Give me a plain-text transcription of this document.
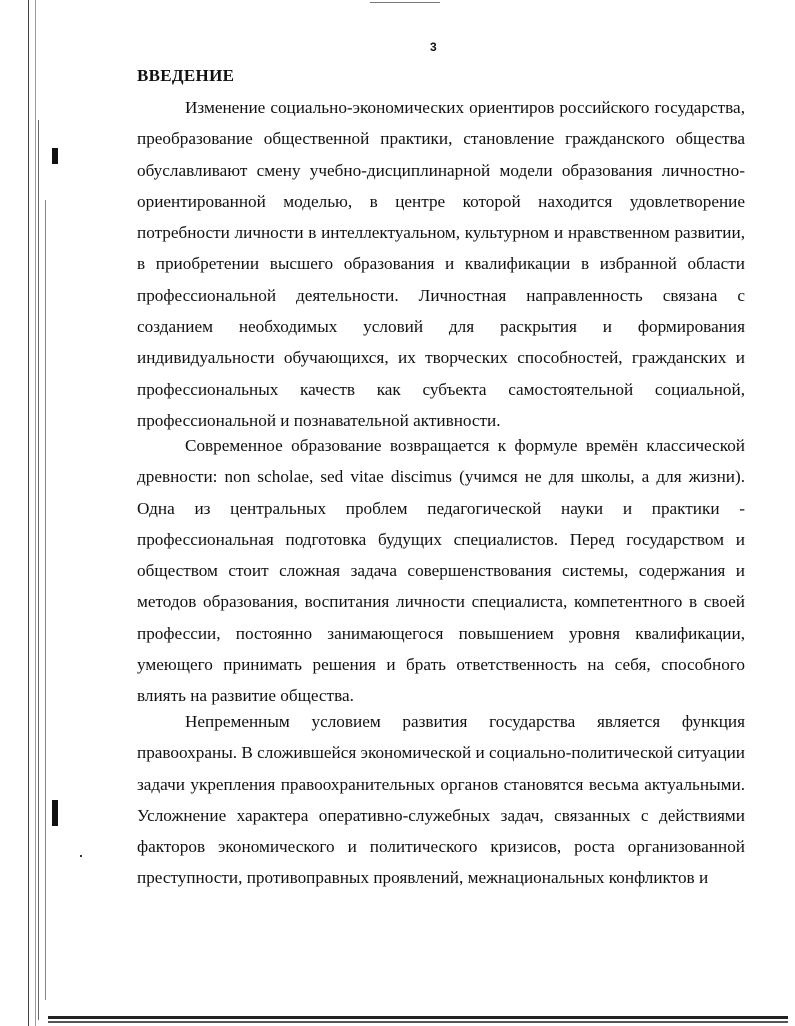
3
ВВЕДЕНИЕ

Изменение социально-экономических ориентиров российского государства, преобразование общественной практики, становление гражданского общества обуславливают смену учебно-дисциплинарной модели образования личностно-ориентированной моделью, в центре которой находится удовлетворение потребности личности в интеллектуальном, культурном и нравственном развитии, в приобретении высшего образования и квалификации в избранной области профессиональной деятельности. Личностная направленность связана с созданием необходимых условий для раскрытия и формирования индивидуальности обучающихся, их творческих способностей, гражданских и профессиональных качеств как субъекта самостоятельной социальной, профессиональной и познавательной активности.

Современное образование возвращается к формуле времён классической древности: non scholae, sed vitae discimus (учимся не для школы, а для жизни). Одна из центральных проблем педагогической науки и практики - профессиональная подготовка будущих специалистов. Перед государством и обществом стоит сложная задача совершенствования системы, содержания и методов образования, воспитания личности специалиста, компетентного в своей профессии, постоянно занимающегося повышением уровня квалификации, умеющего принимать решения и брать ответственность на себя, способного влиять на развитие общества.

Непременным условием развития государства является функция правоохраны. В сложившейся экономической и социально-политической ситуации задачи укрепления правоохранительных органов становятся весьма актуальными. Усложнение характера оперативно-служебных задач, связанных с действиями факторов экономического и политического кризисов, роста организованной преступности, противоправных проявлений, межнациональных конфликтов и
